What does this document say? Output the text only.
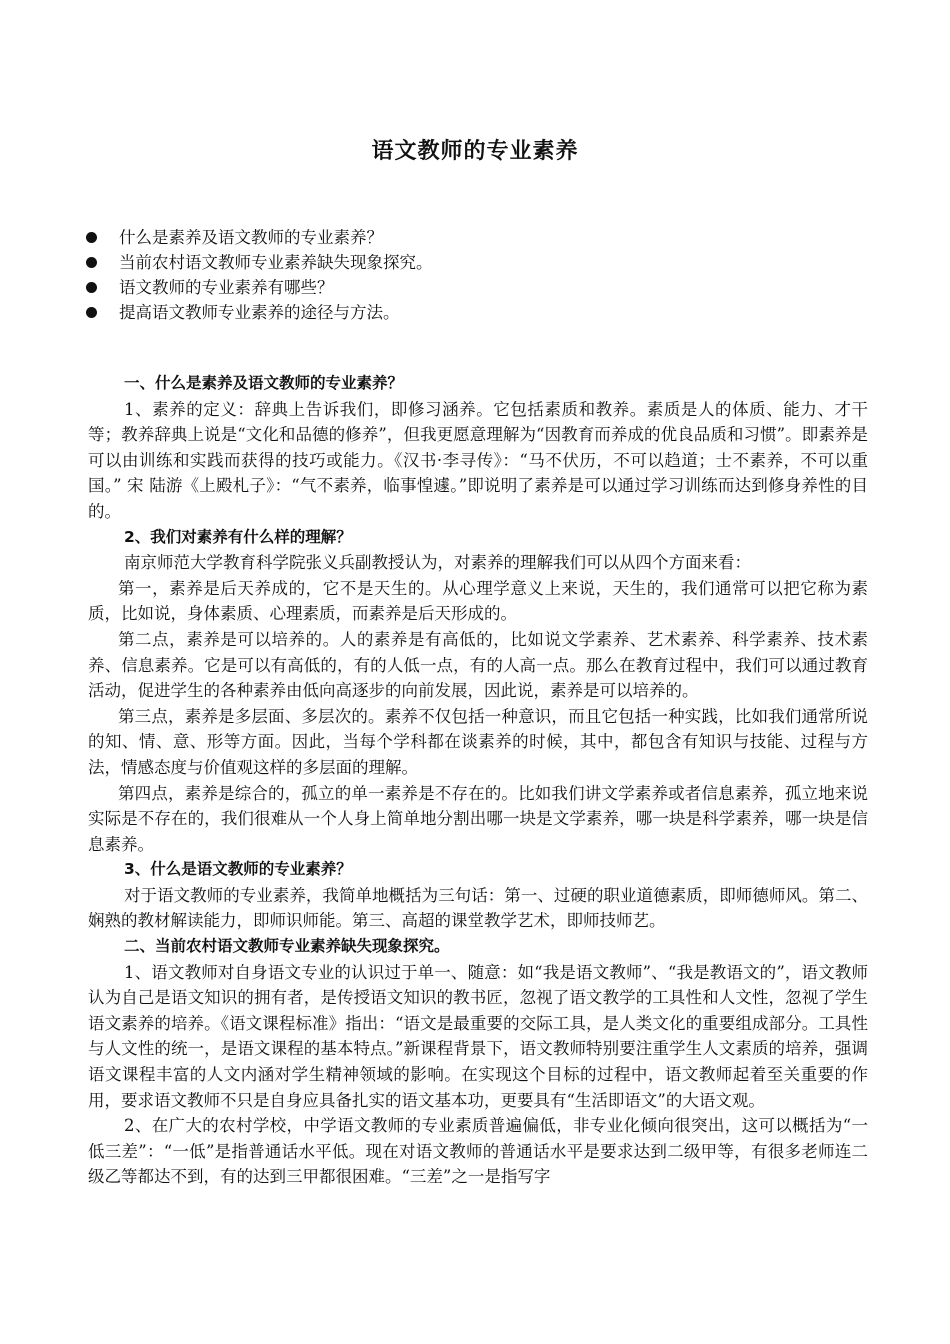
语文教师的专业素养
什么是素养及语文教师的专业素养？
当前农村语文教师专业素养缺失现象探究。
语文教师的专业素养有哪些？
提高语文教师专业素养的途径与方法。

一、什么是素养及语文教师的专业素养？

1、素养的定义：辞典上告诉我们，即修习涵养。它包括素质和教养。素质是人的体质、能力、才干等；教养辞典上说是“文化和品德的修养”，但我更愿意理解为“因教育而养成的优良品质和习惯”。即素养是可以由训练和实践而获得的技巧或能力。《汉书·李寻传》：“马不伏历，不可以趋道；士不素养，不可以重国。” 宋 陆游《上殿札子》：“气不素养，临事惶遽。”即说明了素养是可以通过学习训练而达到修身养性的目的。

2、我们对素养有什么样的理解？

南京师范大学教育科学院张义兵副教授认为，对素养的理解我们可以从四个方面来看：

第一，素养是后天养成的，它不是天生的。从心理学意义上来说，天生的，我们通常可以把它称为素质，比如说，身体素质、心理素质，而素养是后天形成的。

第二点，素养是可以培养的。人的素养是有高低的，比如说文学素养、艺术素养、科学素养、技术素养、信息素养。它是可以有高低的，有的人低一点，有的人高一点。那么在教育过程中，我们可以通过教育活动，促进学生的各种素养由低向高逐步的向前发展，因此说，素养是可以培养的。

第三点，素养是多层面、多层次的。素养不仅包括一种意识，而且它包括一种实践，比如我们通常所说的知、情、意、形等方面。因此，当每个学科都在谈素养的时候，其中，都包含有知识与技能、过程与方法，情感态度与价值观这样的多层面的理解。

第四点，素养是综合的，孤立的单一素养是不存在的。比如我们讲文学素养或者信息素养，孤立地来说实际是不存在的，我们很难从一个人身上简单地分割出哪一块是文学素养，哪一块是科学素养，哪一块是信息素养。

3、什么是语文教师的专业素养？

对于语文教师的专业素养，我简单地概括为三句话：第一、过硬的职业道德素质，即师德师风。第二、娴熟的教材解读能力，即师识师能。第三、高超的课堂教学艺术，即师技师艺。

二、当前农村语文教师专业素养缺失现象探究。

1、语文教师对自身语文专业的认识过于单一、随意：如“我是语文教师”、“我是教语文的”，语文教师认为自己是语文知识的拥有者，是传授语文知识的教书匠，忽视了语文教学的工具性和人文性，忽视了学生语文素养的培养。《语文课程标准》指出：“语文是最重要的交际工具，是人类文化的重要组成部分。工具性与人文性的统一，是语文课程的基本特点。”新课程背景下，语文教师特别要注重学生人文素质的培养，强调语文课程丰富的人文内涵对学生精神领域的影响。在实现这个目标的过程中，语文教师起着至关重要的作用，要求语文教师不只是自身应具备扎实的语文基本功，更要具有“生活即语文”的大语文观。

2、在广大的农村学校，中学语文教师的专业素质普遍偏低，非专业化倾向很突出，这可以概括为“一低三差”：“一低”是指普通话水平低。现在对语文教师的普通话水平是要求达到二级甲等，有很多老师连二级乙等都达不到，有的达到三甲都很困难。“三差”之一是指写字
